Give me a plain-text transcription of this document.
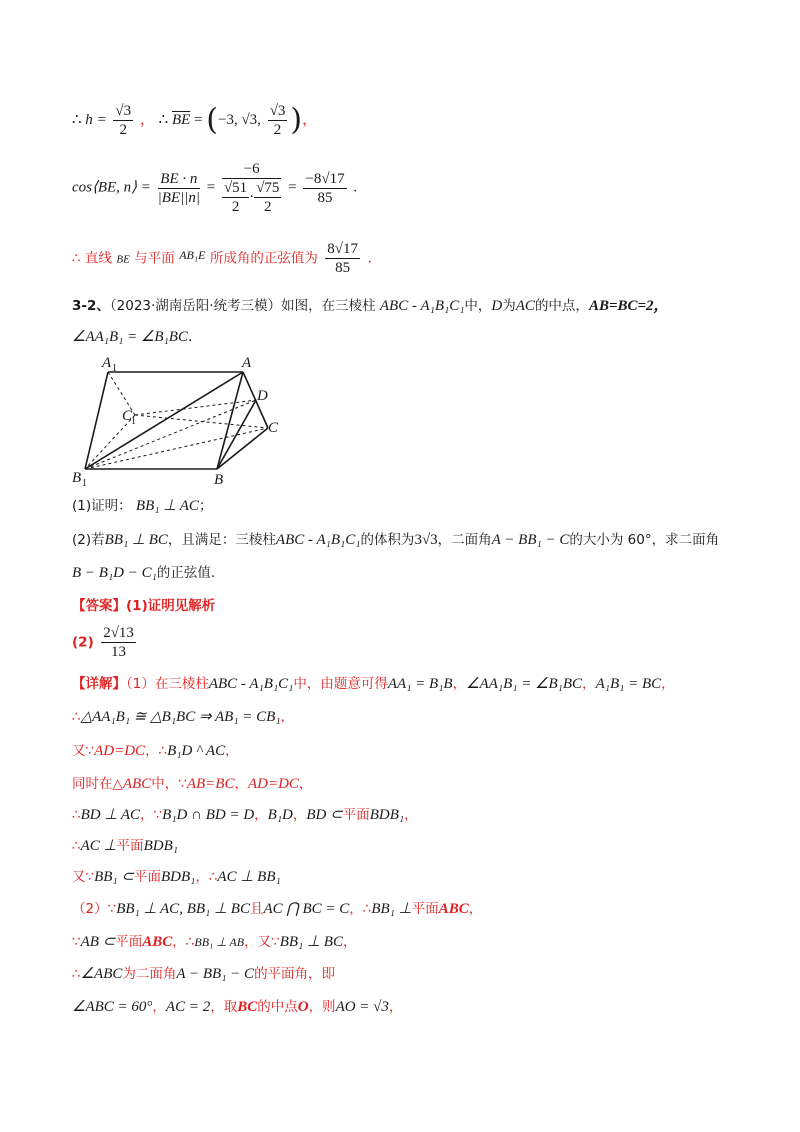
∴ $h = \frac{√3}{2}$ ， ∴ $\overline{BE} = (-3$, √3, $\frac{√3}{2}$ )，
cos⟨BE, n⟩ = $\frac{BE \cdot n}{|BE||n|} = \frac{-6}{\frac{√51}{2} \cdot \frac{√75}{2}} = \frac{-8√17}{85}$ .
∴ 直线 BE 与平面 AB₁E 所成角的正弦值为 $\frac{8√17}{85}$ .
3-2、（2023·湖南岳阳·统考三模）如图，在三棱柱 ABC - A₁B₁C₁中，D为AC的中点，AB=BC=2，
∠AA₁B₁ = ∠B₁BC.
A 1	A
D
C
1	C
B 1	B
(1)证明： BB₁ ⊥ AC；
(2)若BB₁ ⊥ BC，且满足：三棱柱ABC - A₁B₁C₁的体积为3√3，二面角A − BB₁ − C的大小为 60°，求二面角
B − B₁D − C₁的正弦值.
【答案】(1)证明见解析
$(2) \frac{2√13}{13}$
【详解】（1）在三棱柱ABC - A₁B₁C₁中，由题意可得AA₁ = B₁B，∠AA₁B₁ = ∠B₁BC，A₁B₁ = BC，
∴△AA₁B₁ ≅ △B₁BC ⇒ AB₁ = CB₁，
又∵AD=DC，∴B₁D ^ AC，
同时在△ABC中，∵AB=BC，AD=DC，
∴BD ⊥ AC，∵B₁D ∩ BD = D，B₁D，BD ⊂平面BDB₁，
∴AC ⊥平面BDB₁
又∵BB₁ ⊂平面BDB₁，∴AC ⊥ BB₁
（2）∵BB₁ ⊥ AC, BB₁ ⊥ BC且AC ⋂ BC = C，∴BB₁ ⊥平面ABC，
∵AB ⊂平面ABC，∴BB₁ ⊥ AB，又∵BB₁ ⊥ BC，
∴∠ABC为二面角A − BB₁ − C的平面角，即
∠ABC = 60°，AC = 2，取BC的中点O，则AO = √3，
